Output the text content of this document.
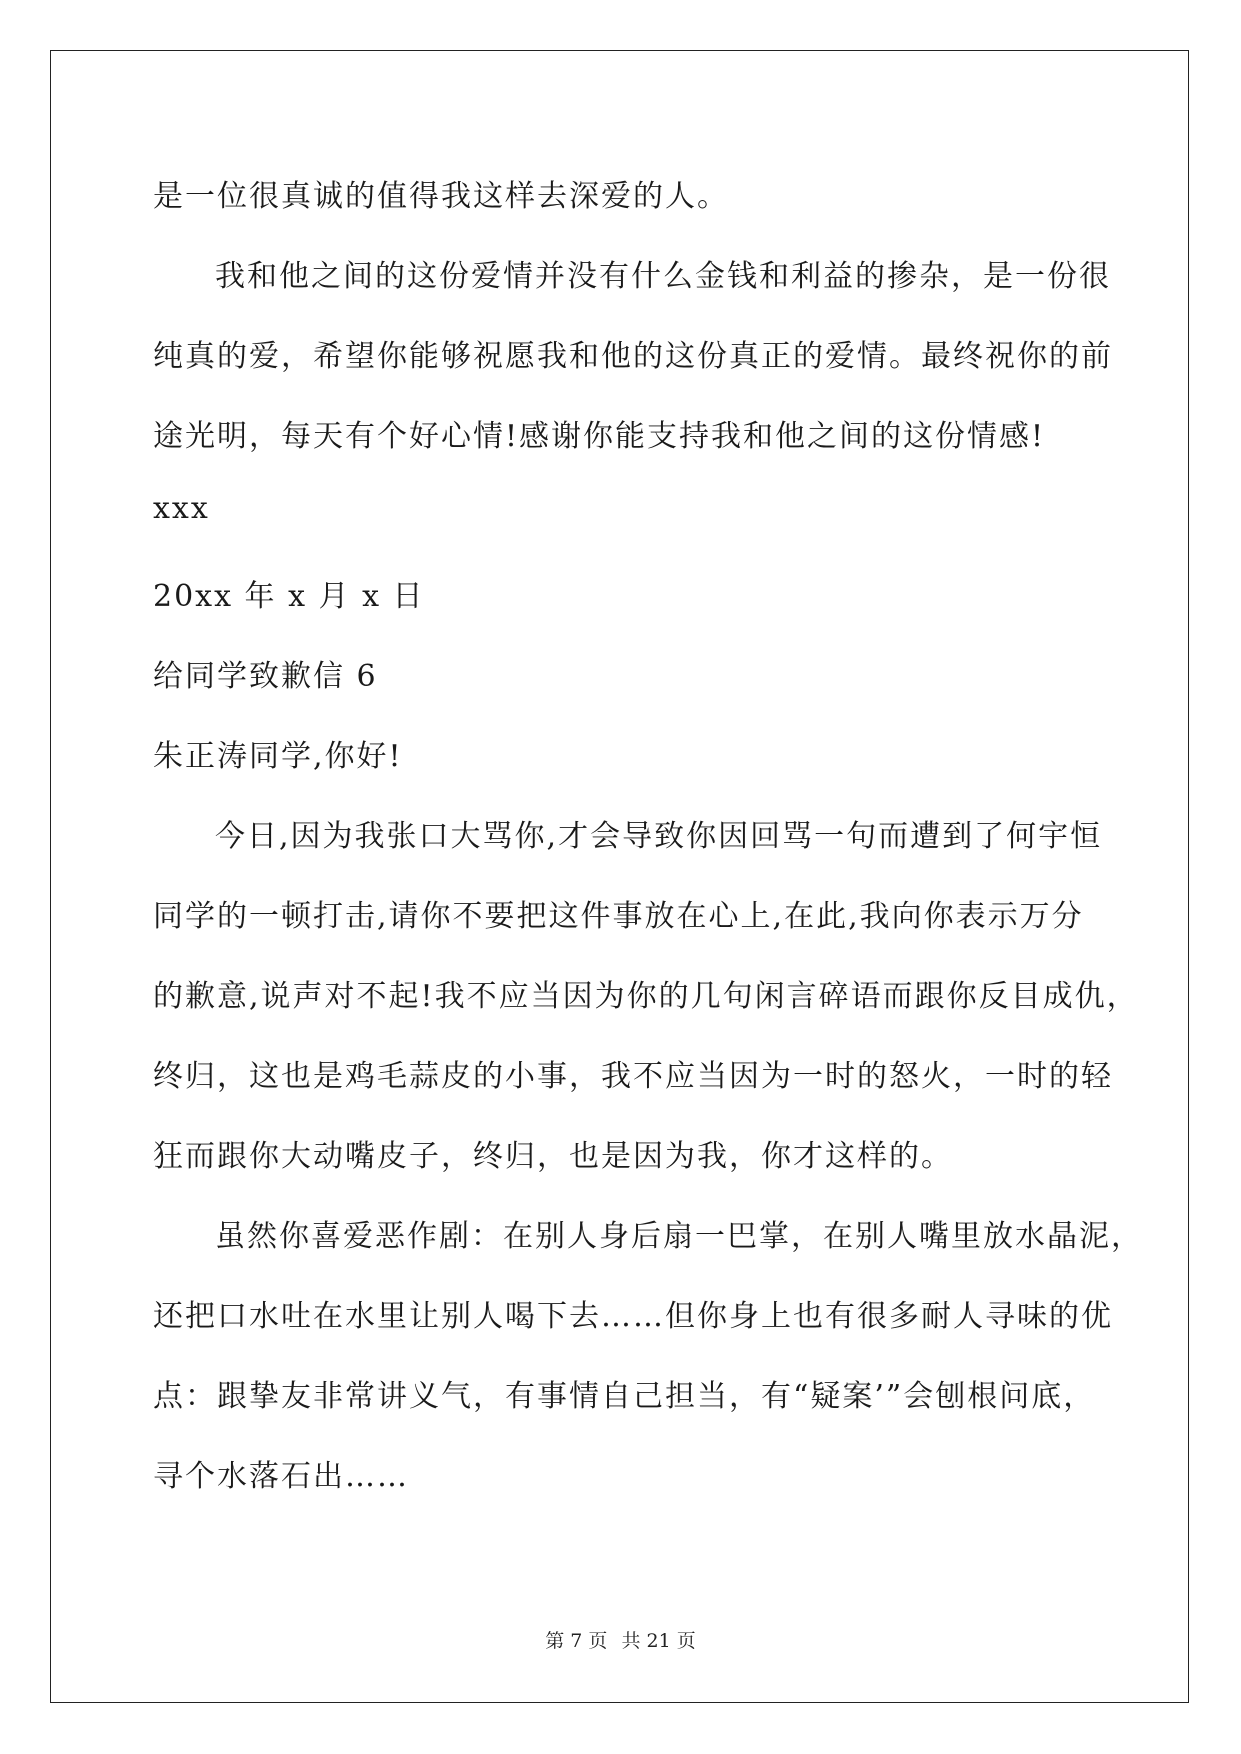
是一位很真诚的值得我这样去深爱的人。

我和他之间的这份爱情并没有什么金钱和利益的掺杂，是一份很

纯真的爱，希望你能够祝愿我和他的这份真正的爱情。最终祝你的前

途光明，每天有个好心情!感谢你能支持我和他之间的这份情感!

xxx

20xx 年 x 月 x 日

给同学致歉信 6

朱正涛同学,你好!

今日,因为我张口大骂你,才会导致你因回骂一句而遭到了何宇恒

同学的一顿打击,请你不要把这件事放在心上,在此,我向你表示万分

的歉意,说声对不起!我不应当因为你的几句闲言碎语而跟你反目成仇，

终归，这也是鸡毛蒜皮的小事，我不应当因为一时的怒火，一时的轻

狂而跟你大动嘴皮子，终归，也是因为我，你才这样的。

虽然你喜爱恶作剧：在别人身后扇一巴掌，在别人嘴里放水晶泥，

还把口水吐在水里让别人喝下去……但你身上也有很多耐人寻味的优

点：跟挚友非常讲义气，有事情自己担当，有“疑案’”会刨根问底，

寻个水落石出……

第 7 页 共 21 页
